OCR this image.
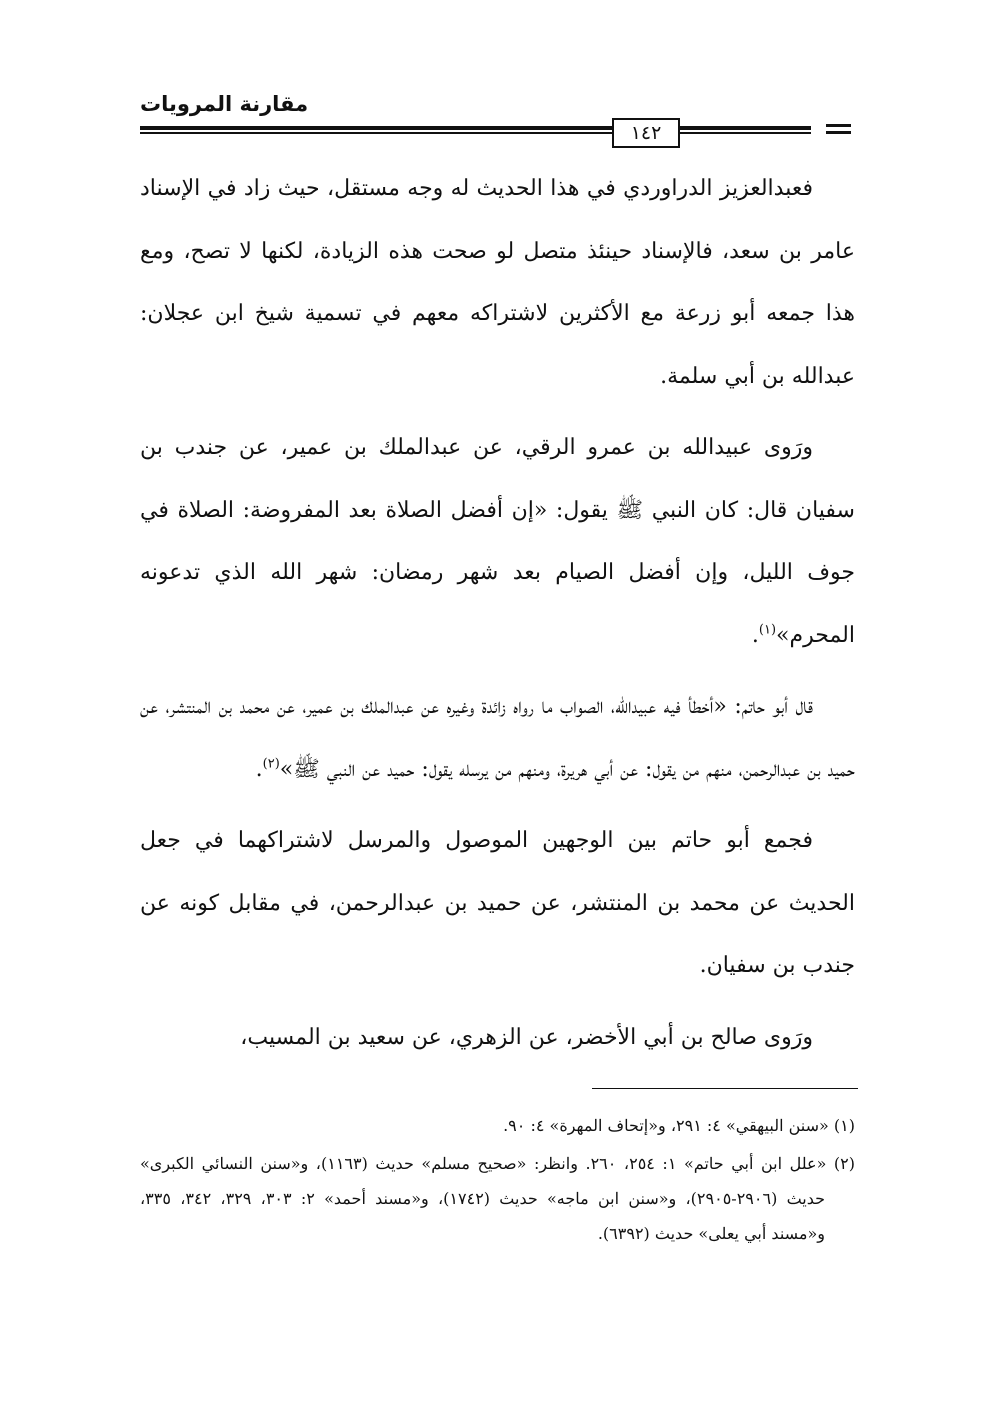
مقارنة المرويات
١٤٢

فعبدالعزيز الدراوردي في هذا الحديث له وجه مستقل، حيث زاد في الإسناد عامر بن سعد، فالإسناد حينئذ متصل لو صحت هذه الزيادة، لكنها لا تصح، ومع هذا جمعه أبو زرعة مع الأكثرين لاشتراكه معهم في تسمية شيخ ابن عجلان: عبدالله بن أبي سلمة.

ورَوى عبيدالله بن عمرو الرقي، عن عبدالملك بن عمير، عن جندب بن سفيان قال: كان النبي ﷺ يقول: «إن أفضل الصلاة بعد المفروضة: الصلاة في جوف الليل، وإن أفضل الصيام بعد شهر رمضان: شهر الله الذي تدعونه المحرم»$^{(١)}$.

قال أبو حاتم: «أخطأ فيه عبيدالله، الصواب ما رواه زائدة وغيره عن عبدالملك بن عمير، عن محمد بن المنتشر، عن حميد بن عبدالرحمن، منهم من يقول: عن أبي هريرة، ومنهم من يرسله يقول: حميد عن النبي ﷺ»$^{(٢)}$.

فجمع أبو حاتم بين الوجهين الموصول والمرسل لاشتراكهما في جعل الحديث عن محمد بن المنتشر، عن حميد بن عبدالرحمن، في مقابل كونه عن جندب بن سفيان.

ورَوى صالح بن أبي الأخضر، عن الزهري، عن سعيد بن المسيب،

(١) «سنن البيهقي» ٤: ٢٩١، و«إتحاف المهرة» ٤: ٩٠.

(٢) «علل ابن أبي حاتم» ١: ٢٥٤، ٢٦٠. وانظر: «صحيح مسلم» حديث (١١٦٣)، و«سنن النسائي الكبرى» حديث (٢٩٠٦-٢٩٠٥)، و«سنن ابن ماجه» حديث (١٧٤٢)، و«مسند أحمد» ٢: ٣٠٣، ٣٢٩، ٣٤٢، ٣٣٥، و«مسند أبي يعلى» حديث (٦٣٩٢).
